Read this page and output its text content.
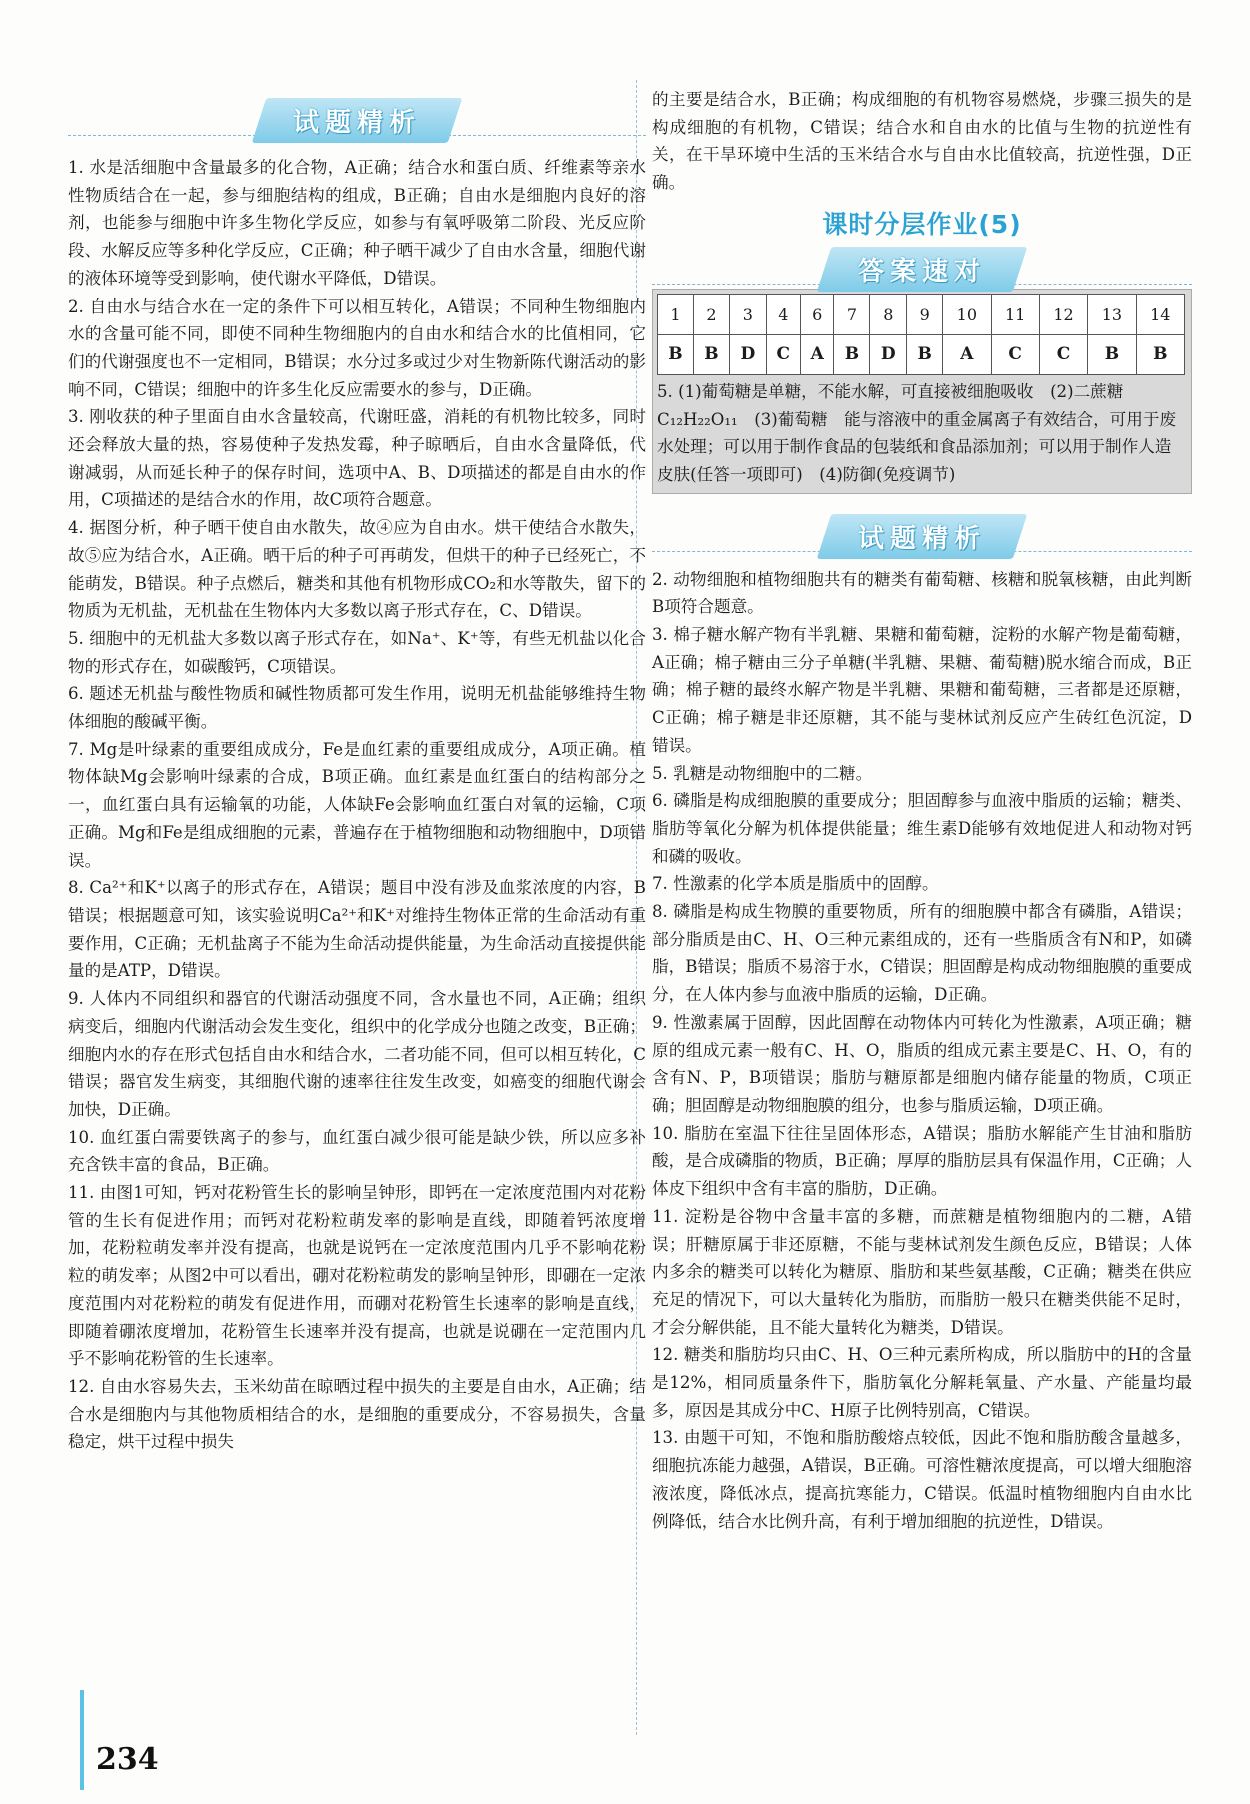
试题精析

1. 水是活细胞中含量最多的化合物，A正确；结合水和蛋白质、纤维素等亲水性物质结合在一起，参与细胞结构的组成，B正确；自由水是细胞内良好的溶剂，也能参与细胞中许多生物化学反应，如参与有氧呼吸第二阶段、光反应阶段、水解反应等多种化学反应，C正确；种子晒干减少了自由水含量，细胞代谢的液体环境等受到影响，使代谢水平降低，D错误。

2. 自由水与结合水在一定的条件下可以相互转化，A错误；不同种生物细胞内水的含量可能不同，即使不同种生物细胞内的自由水和结合水的比值相同，它们的代谢强度也不一定相同，B错误；水分过多或过少对生物新陈代谢活动的影响不同，C错误；细胞中的许多生化反应需要水的参与，D正确。

3. 刚收获的种子里面自由水含量较高，代谢旺盛，消耗的有机物比较多，同时还会释放大量的热，容易使种子发热发霉，种子晾晒后，自由水含量降低，代谢减弱，从而延长种子的保存时间，选项中A、B、D项描述的都是自由水的作用，C项描述的是结合水的作用，故C项符合题意。

4. 据图分析，种子晒干使自由水散失，故④应为自由水。烘干使结合水散失，故⑤应为结合水，A正确。晒干后的种子可再萌发，但烘干的种子已经死亡，不能萌发，B错误。种子点燃后，糖类和其他有机物形成CO₂和水等散失，留下的物质为无机盐，无机盐在生物体内大多数以离子形式存在，C、D错误。

5. 细胞中的无机盐大多数以离子形式存在，如Na⁺、K⁺等，有些无机盐以化合物的形式存在，如碳酸钙，C项错误。

6. 题述无机盐与酸性物质和碱性物质都可发生作用，说明无机盐能够维持生物体细胞的酸碱平衡。

7. Mg是叶绿素的重要组成成分，Fe是血红素的重要组成成分，A项正确。植物体缺Mg会影响叶绿素的合成，B项正确。血红素是血红蛋白的结构部分之一，血红蛋白具有运输氧的功能，人体缺Fe会影响血红蛋白对氧的运输，C项正确。Mg和Fe是组成细胞的元素，普遍存在于植物细胞和动物细胞中，D项错误。

8. Ca²⁺和K⁺以离子的形式存在，A错误；题目中没有涉及血浆浓度的内容，B错误；根据题意可知，该实验说明Ca²⁺和K⁺对维持生物体正常的生命活动有重要作用，C正确；无机盐离子不能为生命活动提供能量，为生命活动直接提供能量的是ATP，D错误。

9. 人体内不同组织和器官的代谢活动强度不同，含水量也不同，A正确；组织病变后，细胞内代谢活动会发生变化，组织中的化学成分也随之改变，B正确；细胞内水的存在形式包括自由水和结合水，二者功能不同，但可以相互转化，C错误；器官发生病变，其细胞代谢的速率往往发生改变，如癌变的细胞代谢会加快，D正确。

10. 血红蛋白需要铁离子的参与，血红蛋白减少很可能是缺少铁，所以应多补充含铁丰富的食品，B正确。

11. 由图1可知，钙对花粉管生长的影响呈钟形，即钙在一定浓度范围内对花粉管的生长有促进作用；而钙对花粉粒萌发率的影响是直线，即随着钙浓度增加，花粉粒萌发率并没有提高，也就是说钙在一定浓度范围内几乎不影响花粉粒的萌发率；从图2中可以看出，硼对花粉粒萌发的影响呈钟形，即硼在一定浓度范围内对花粉粒的萌发有促进作用，而硼对花粉管生长速率的影响是直线，即随着硼浓度增加，花粉管生长速率并没有提高，也就是说硼在一定范围内几乎不影响花粉管的生长速率。

12. 自由水容易失去，玉米幼苗在晾晒过程中损失的主要是自由水，A正确；结合水是细胞内与其他物质相结合的水，是细胞的重要成分，不容易损失，含量稳定，烘干过程中损失

的主要是结合水，B正确；构成细胞的有机物容易燃烧，步骤三损失的是构成细胞的有机物，C错误；结合水和自由水的比值与生物的抗逆性有关，在干旱环境中生活的玉米结合水与自由水比值较高，抗逆性强，D正确。

课时分层作业(5)
答案速对
1	2	3	4	6	7	8	9	10	11	12	13	14
B	B	D	C	A	B	D	B	A	C	C	B	B
5. (1)葡萄糖是单糖，不能水解，可直接被细胞吸收　(2)二蔗糖　C₁₂H₂₂O₁₁　(3)葡萄糖　能与溶液中的重金属离子有效结合，可用于废水处理；可以用于制作食品的包装纸和食品添加剂；可以用于制作人造皮肤(任答一项即可)　(4)防御(免疫调节)
试题精析

2. 动物细胞和植物细胞共有的糖类有葡萄糖、核糖和脱氧核糖，由此判断B项符合题意。

3. 棉子糖水解产物有半乳糖、果糖和葡萄糖，淀粉的水解产物是葡萄糖，A正确；棉子糖由三分子单糖(半乳糖、果糖、葡萄糖)脱水缩合而成，B正确；棉子糖的最终水解产物是半乳糖、果糖和葡萄糖，三者都是还原糖，C正确；棉子糖是非还原糖，其不能与斐林试剂反应产生砖红色沉淀，D错误。

5. 乳糖是动物细胞中的二糖。

6. 磷脂是构成细胞膜的重要成分；胆固醇参与血液中脂质的运输；糖类、脂肪等氧化分解为机体提供能量；维生素D能够有效地促进人和动物对钙和磷的吸收。

7. 性激素的化学本质是脂质中的固醇。

8. 磷脂是构成生物膜的重要物质，所有的细胞膜中都含有磷脂，A错误；部分脂质是由C、H、O三种元素组成的，还有一些脂质含有N和P，如磷脂，B错误；脂质不易溶于水，C错误；胆固醇是构成动物细胞膜的重要成分，在人体内参与血液中脂质的运输，D正确。

9. 性激素属于固醇，因此固醇在动物体内可转化为性激素，A项正确；糖原的组成元素一般有C、H、O，脂质的组成元素主要是C、H、O，有的含有N、P，B项错误；脂肪与糖原都是细胞内储存能量的物质，C项正确；胆固醇是动物细胞膜的组分，也参与脂质运输，D项正确。

10. 脂肪在室温下往往呈固体形态，A错误；脂肪水解能产生甘油和脂肪酸，是合成磷脂的物质，B正确；厚厚的脂肪层具有保温作用，C正确；人体皮下组织中含有丰富的脂肪，D正确。

11. 淀粉是谷物中含量丰富的多糖，而蔗糖是植物细胞内的二糖，A错误；肝糖原属于非还原糖，不能与斐林试剂发生颜色反应，B错误；人体内多余的糖类可以转化为糖原、脂肪和某些氨基酸，C正确；糖类在供应充足的情况下，可以大量转化为脂肪，而脂肪一般只在糖类供能不足时，才会分解供能，且不能大量转化为糖类，D错误。

12. 糖类和脂肪均只由C、H、O三种元素所构成，所以脂肪中的H的含量是12%，相同质量条件下，脂肪氧化分解耗氧量、产水量、产能量均最多，原因是其成分中C、H原子比例特别高，C错误。

13. 由题干可知，不饱和脂肪酸熔点较低，因此不饱和脂肪酸含量越多，细胞抗冻能力越强，A错误，B正确。可溶性糖浓度提高，可以增大细胞溶液浓度，降低冰点，提高抗寒能力，C错误。低温时植物细胞内自由水比例降低，结合水比例升高，有利于增加细胞的抗逆性，D错误。

234
